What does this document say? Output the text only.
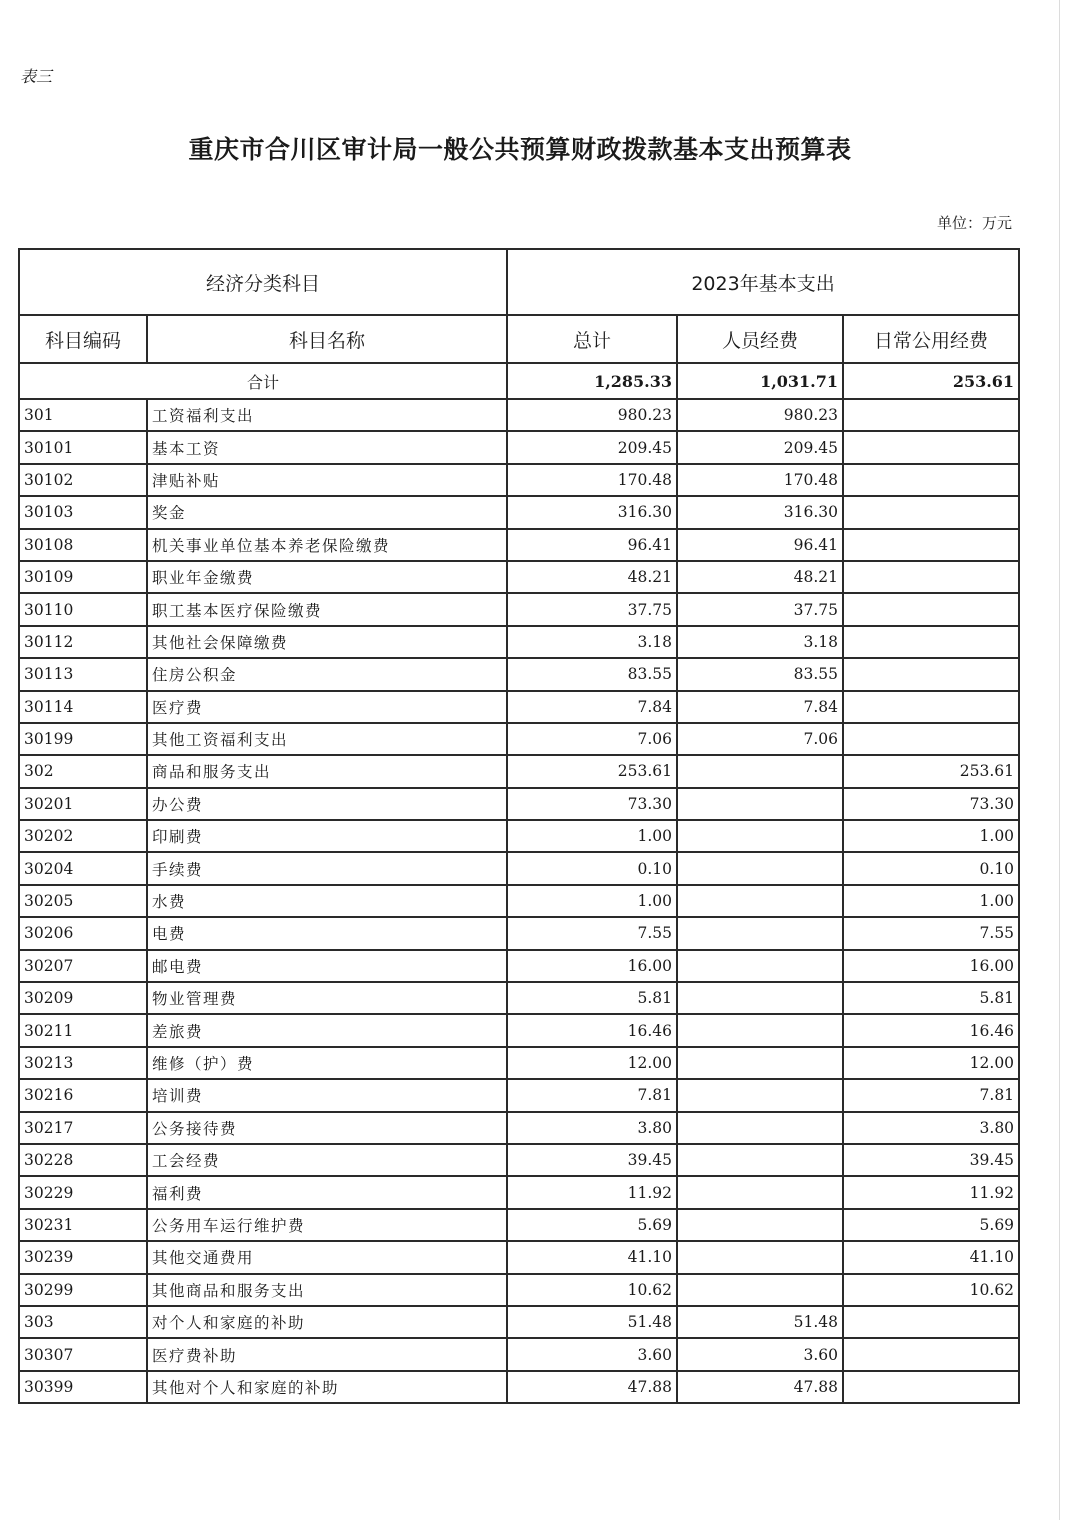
表三
重庆市合川区审计局一般公共预算财政拨款基本支出预算表
单位：万元
经济分类科目		2023年基本支出		
科目编码	科目名称	总计	人员经费	日常公用经费
合计		1,285.33	1,031.71	253.61
301	工资福利支出	980.23	980.23	
30101	基本工资	209.45	209.45	
30102	津贴补贴	170.48	170.48	
30103	奖金	316.30	316.30	
30108	机关事业单位基本养老保险缴费	96.41	96.41	
30109	职业年金缴费	48.21	48.21	
30110	职工基本医疗保险缴费	37.75	37.75	
30112	其他社会保障缴费	3.18	3.18	
30113	住房公积金	83.55	83.55	
30114	医疗费	7.84	7.84	
30199	其他工资福利支出	7.06	7.06	
302	商品和服务支出	253.61		253.61
30201	办公费	73.30		73.30
30202	印刷费	1.00		1.00
30204	手续费	0.10		0.10
30205	水费	1.00		1.00
30206	电费	7.55		7.55
30207	邮电费	16.00		16.00
30209	物业管理费	5.81		5.81
30211	差旅费	16.46		16.46
30213	维修（护）费	12.00		12.00
30216	培训费	7.81		7.81
30217	公务接待费	3.80		3.80
30228	工会经费	39.45		39.45
30229	福利费	11.92		11.92
30231	公务用车运行维护费	5.69		5.69
30239	其他交通费用	41.10		41.10
30299	其他商品和服务支出	10.62		10.62
303	对个人和家庭的补助	51.48	51.48	
30307	医疗费补助	3.60	3.60	
30399	其他对个人和家庭的补助	47.88	47.88	
